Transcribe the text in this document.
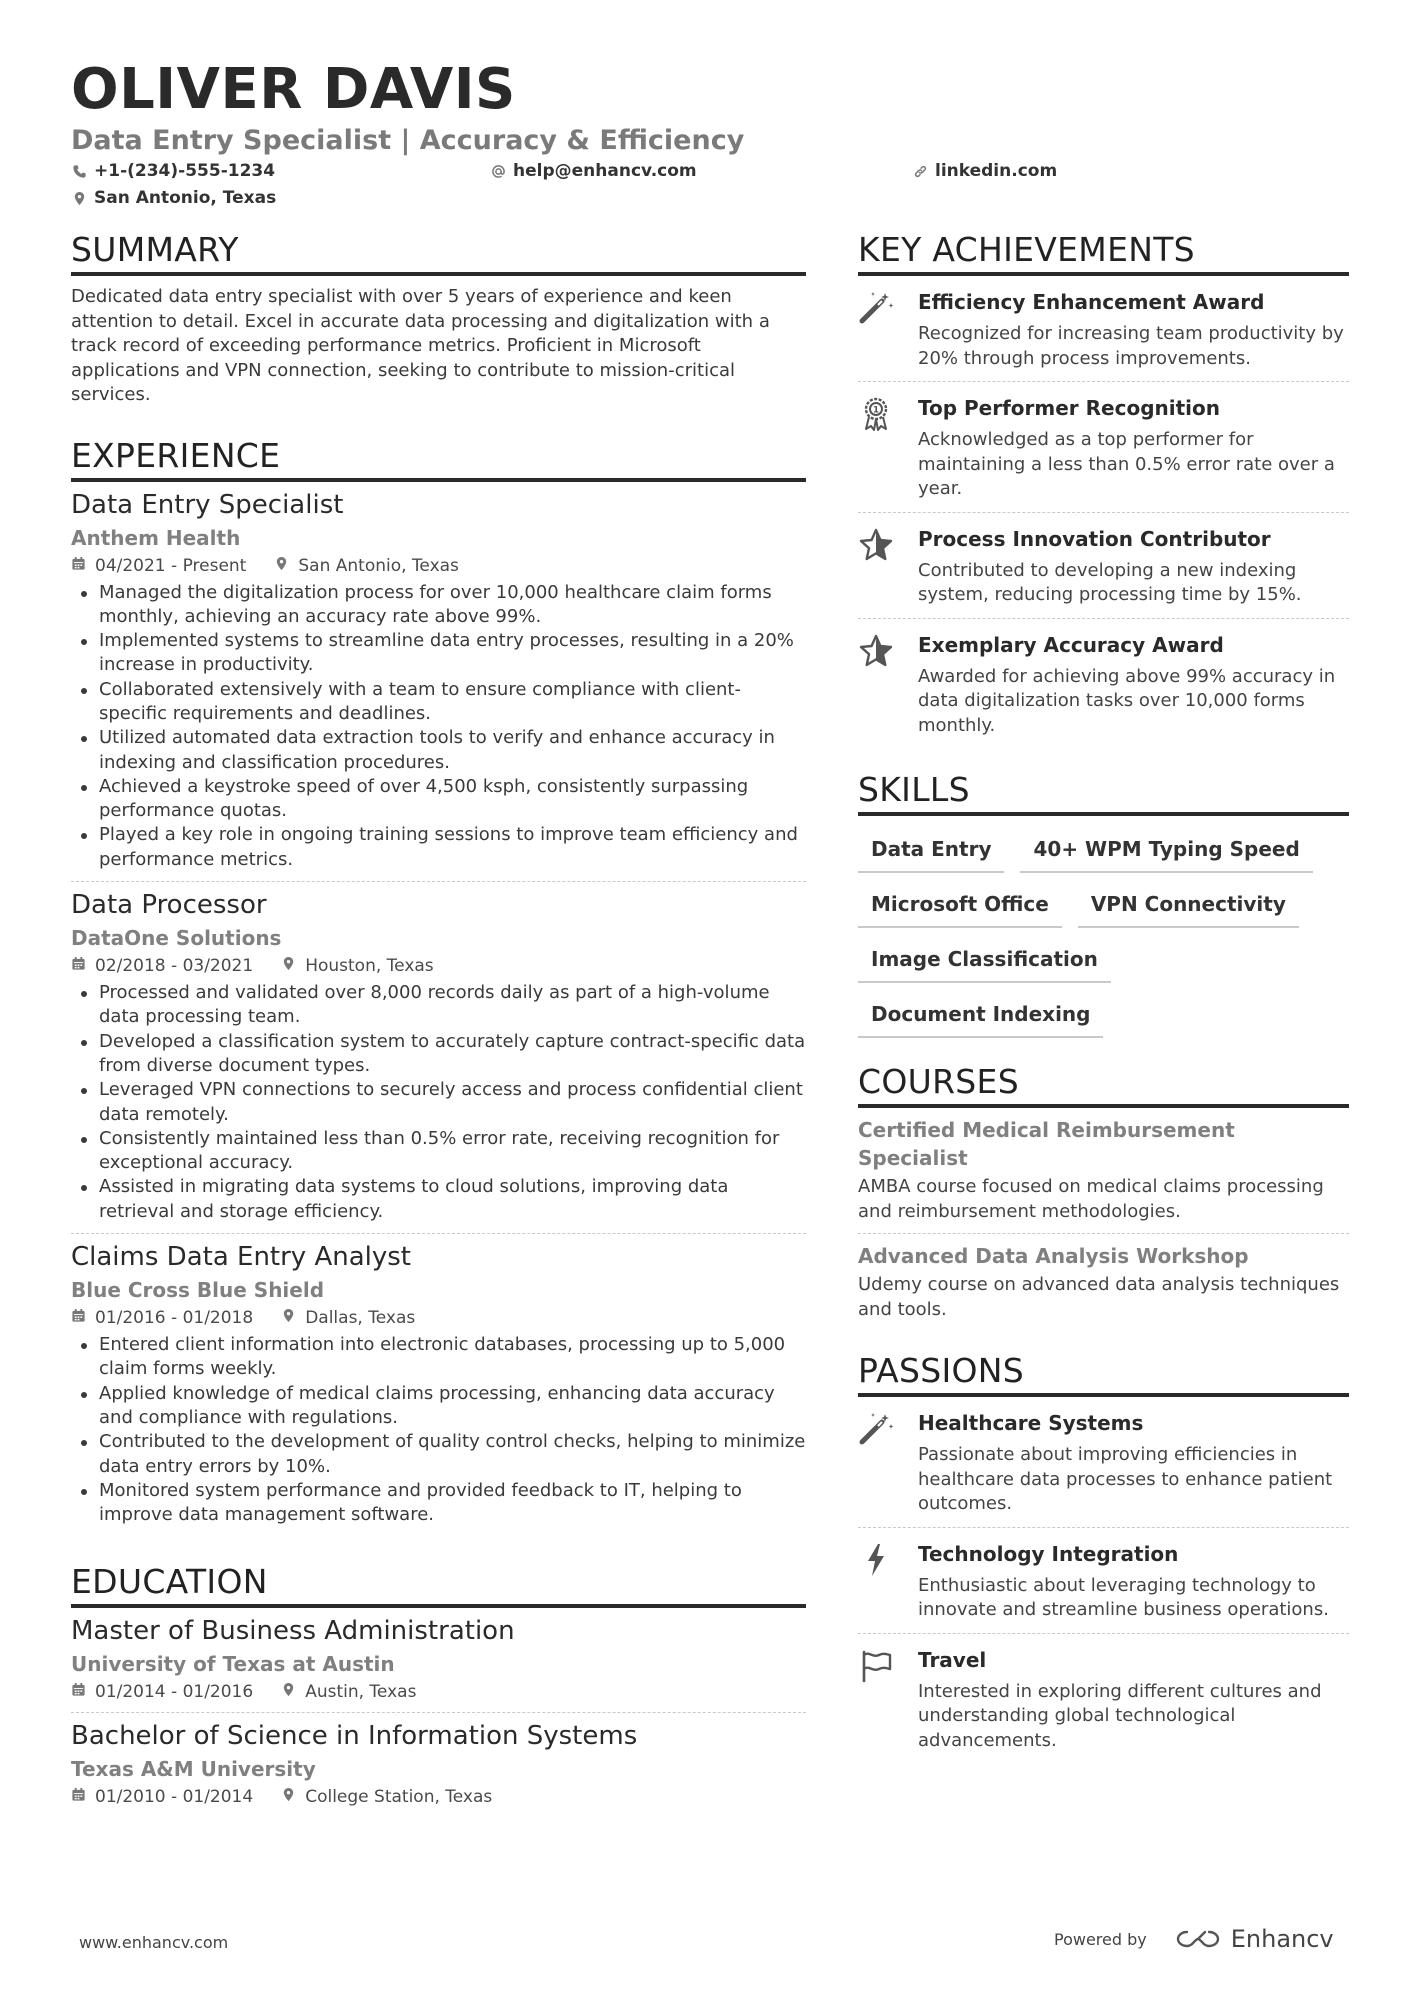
OLIVER DAVIS
Data Entry Specialist | Accuracy & Efficiency
+1-(234)-555-1234	help@enhancv.com	linkedin.com
San Antonio, Texas
SUMMARY
Dedicated data entry specialist with over 5 years of experience and keen attention to detail. Excel in accurate data processing and digitalization with a track record of exceeding performance metrics. Proficient in Microsoft applications and VPN connection, seeking to contribute to mission-critical services.
EXPERIENCE
Data Entry Specialist
Anthem Health
04/2021 - Present	San Antonio, Texas
Managed the digitalization process for over 10,000 healthcare claim forms monthly, achieving an accuracy rate above 99%.
Implemented systems to streamline data entry processes, resulting in a 20% increase in productivity.
Collaborated extensively with a team to ensure compliance with client-specific requirements and deadlines.
Utilized automated data extraction tools to verify and enhance accuracy in indexing and classification procedures.
Achieved a keystroke speed of over 4,500 ksph, consistently surpassing performance quotas.
Played a key role in ongoing training sessions to improve team efficiency and performance metrics.
Data Processor
DataOne Solutions
02/2018 - 03/2021	Houston, Texas
Processed and validated over 8,000 records daily as part of a high-volume data processing team.
Developed a classification system to accurately capture contract-specific data from diverse document types.
Leveraged VPN connections to securely access and process confidential client data remotely.
Consistently maintained less than 0.5% error rate, receiving recognition for exceptional accuracy.
Assisted in migrating data systems to cloud solutions, improving data retrieval and storage efficiency.
Claims Data Entry Analyst
Blue Cross Blue Shield
01/2016 - 01/2018	Dallas, Texas
Entered client information into electronic databases, processing up to 5,000 claim forms weekly.
Applied knowledge of medical claims processing, enhancing data accuracy and compliance with regulations.
Contributed to the development of quality control checks, helping to minimize data entry errors by 10%.
Monitored system performance and provided feedback to IT, helping to improve data management software.
EDUCATION
Master of Business Administration
University of Texas at Austin
01/2014 - 01/2016	Austin, Texas
Bachelor of Science in Information Systems
Texas A&M University
01/2010 - 01/2014	College Station, Texas
KEY ACHIEVEMENTS
Efficiency Enhancement Award
Recognized for increasing team productivity by 20% through process improvements.
1 Top Performer Recognition
Acknowledged as a top performer for maintaining a less than 0.5% error rate over a year.
Process Innovation Contributor
Contributed to developing a new indexing system, reducing processing time by 15%.
Exemplary Accuracy Award
Awarded for achieving above 99% accuracy in data digitalization tasks over 10,000 forms monthly.
SKILLS
Data Entry	40+ WPM Typing Speed
Microsoft Office	VPN Connectivity
Image Classification
Document Indexing
COURSES
Certified Medical Reimbursement Specialist
AMBA course focused on medical claims processing and reimbursement methodologies.
Advanced Data Analysis Workshop
Udemy course on advanced data analysis techniques and tools.
PASSIONS
Healthcare Systems
Passionate about improving efficiencies in healthcare data processes to enhance patient outcomes.
Technology Integration
Enthusiastic about leveraging technology to innovate and streamline business operations.
Travel
Interested in exploring different cultures and understanding global technological advancements.
www.enhancv.com	Powered by	Enhancv
